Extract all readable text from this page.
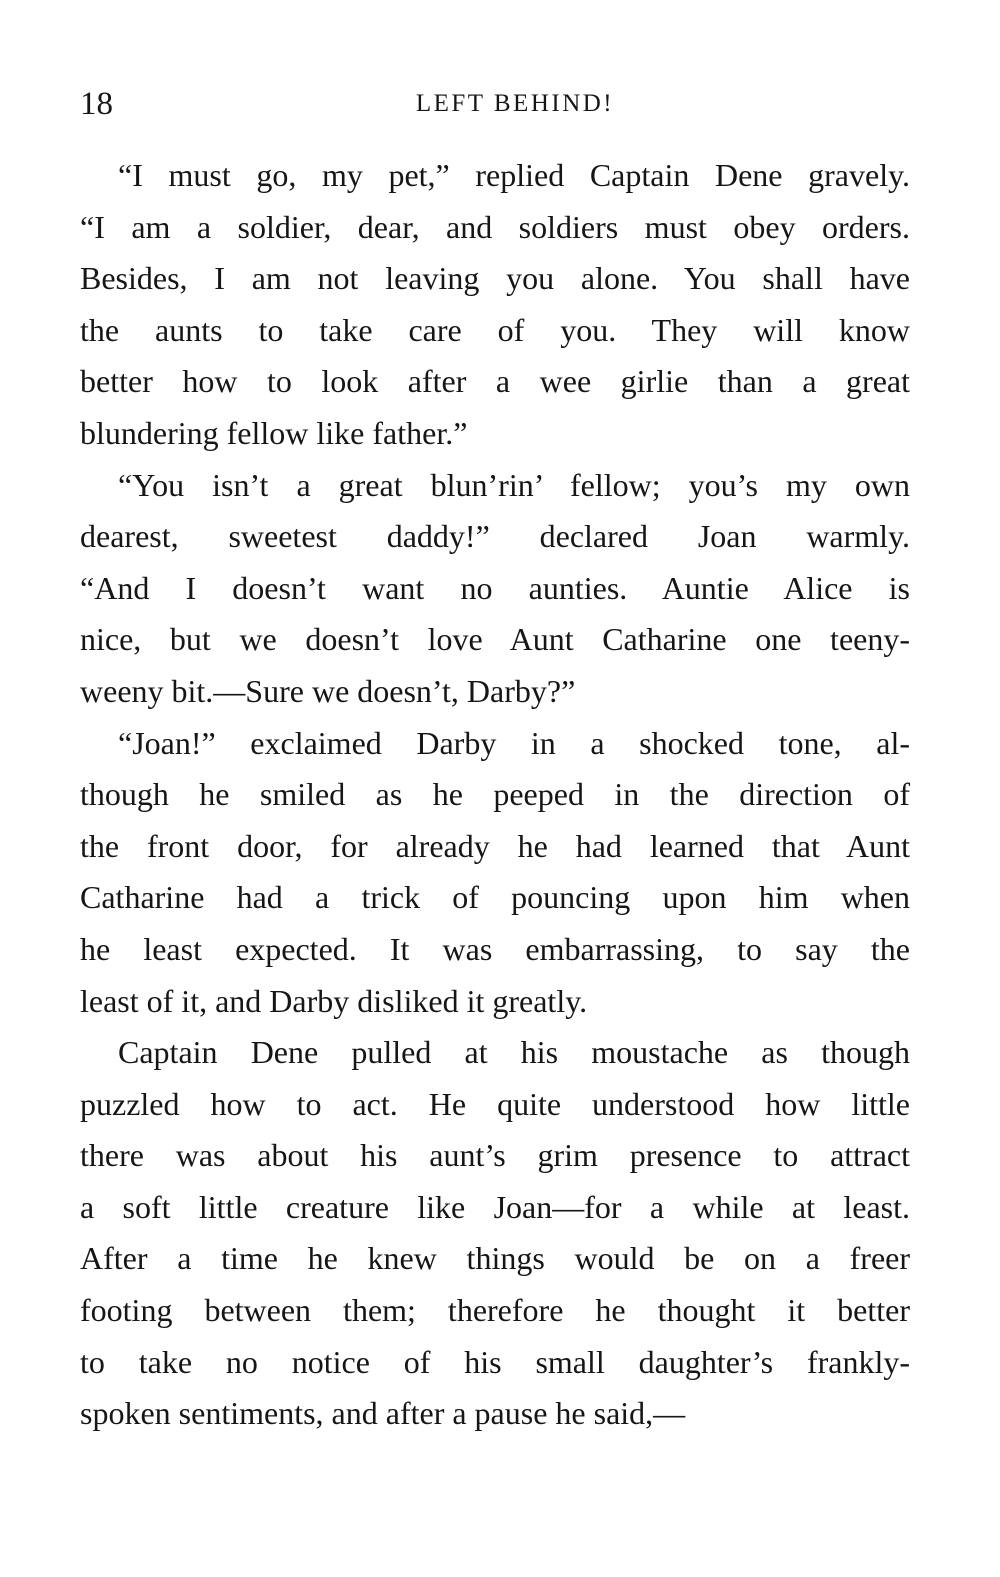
18	LEFT BEHIND!

“I must go, my pet,” replied Captain Dene gravely.
“I am a soldier, dear, and soldiers must obey orders.
Besides, I am not leaving you alone. You shall have
the aunts to take care of you. They will know
better how to look after a wee girlie than a great
blundering fellow like father.”

“You isn’t a great blun’rin’ fellow; you’s my own
dearest, sweetest daddy!” declared Joan warmly.
“And I doesn’t want no aunties. Auntie Alice is
nice, but we doesn’t love Aunt Catharine one teeny-
weeny bit.—Sure we doesn’t, Darby?”

“Joan!” exclaimed Darby in a shocked tone, al-
though he smiled as he peeped in the direction of
the front door, for already he had learned that Aunt
Catharine had a trick of pouncing upon him when
he least expected. It was embarrassing, to say the
least of it, and Darby disliked it greatly.

Captain Dene pulled at his moustache as though
puzzled how to act. He quite understood how little
there was about his aunt’s grim presence to attract
a soft little creature like Joan—for a while at least.
After a time he knew things would be on a freer
footing between them; therefore he thought it better
to take no notice of his small daughter’s frankly-
spoken sentiments, and after a pause he said,—
